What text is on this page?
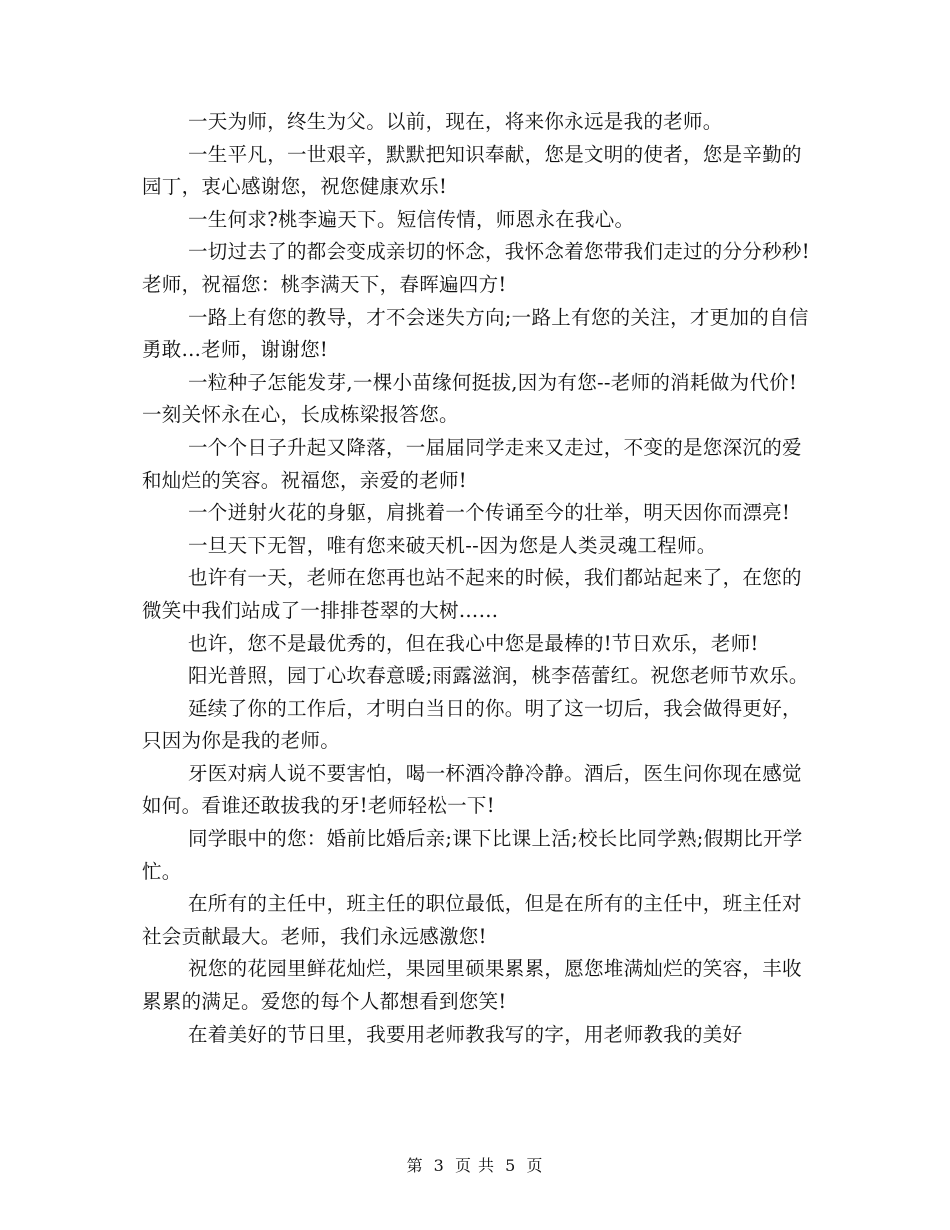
一天为师，终生为父。以前，现在，将来你永远是我的老师。

一生平凡，一世艰辛，默默把知识奉献，您是文明的使者，您是辛勤的园丁，衷心感谢您，祝您健康欢乐!

一生何求?桃李遍天下。短信传情，师恩永在我心。

一切过去了的都会变成亲切的怀念，我怀念着您带我们走过的分分秒秒!老师，祝福您：桃李满天下，春晖遍四方!

一路上有您的教导，才不会迷失方向;一路上有您的关注，才更加的自信勇敢...老师，谢谢您!

一粒种子怎能发芽,一棵小苗缘何挺拔,因为有您--老师的消耗做为代价! 一刻关怀永在心，长成栋梁报答您。

一个个日子升起又降落，一届届同学走来又走过，不变的是您深沉的爱和灿烂的笑容。祝福您，亲爱的老师!

一个迸射火花的身躯，肩挑着一个传诵至今的壮举，明天因你而漂亮!

一旦天下无智，唯有您来破天机--因为您是人类灵魂工程师。

也许有一天，老师在您再也站不起来的时候，我们都站起来了，在您的微笑中我们站成了一排排苍翠的大树……

也许，您不是最优秀的，但在我心中您是最棒的!节日欢乐，老师!

阳光普照，园丁心坎春意暖;雨露滋润，桃李蓓蕾红。祝您老师节欢乐。

延续了你的工作后，才明白当日的你。明了这一切后，我会做得更好，只因为你是我的老师。

牙医对病人说不要害怕，喝一杯酒冷静冷静。酒后，医生问你现在感觉如何。看谁还敢拔我的牙!老师轻松一下!

同学眼中的您：婚前比婚后亲;课下比课上活;校长比同学熟;假期比开学忙。

在所有的主任中，班主任的职位最低，但是在所有的主任中，班主任对社会贡献最大。老师，我们永远感激您!

祝您的花园里鲜花灿烂，果园里硕果累累，愿您堆满灿烂的笑容，丰收累累的满足。爱您的每个人都想看到您笑!

在着美好的节日里，我要用老师教我写的字，用老师教我的美好

第 3 页 共 5 页
